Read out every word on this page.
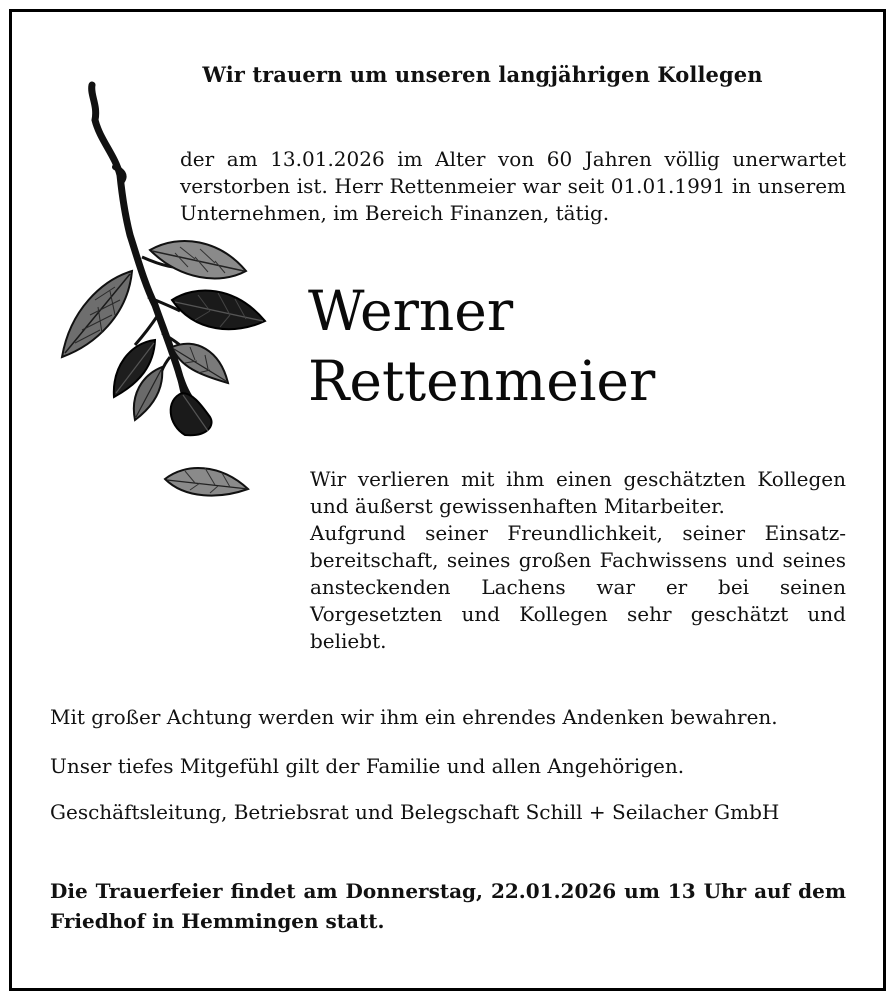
Wir trauern um unseren langjährigen Kollegen

der am 13.01.2026 im Alter von 60 Jahren völlig unerwartet verstorben ist. Herr Rettenmeier war seit 01.01.1991 in unserem Unternehmen, im Bereich Finanzen, tätig.

Werner
Rettenmeier
Wir verlieren mit ihm einen geschätzten Kollegen und äußerst gewissenhaften Mitarbeiter.
Aufgrund seiner Freundlichkeit, seiner Einsatzbereitschaft, seines großen Fachwissens und seines ansteckenden Lachens war er bei seinen Vorgesetzten und Kollegen sehr geschätzt und beliebt.

Mit großer Achtung werden wir ihm ein ehrendes Andenken bewahren.

Unser tiefes Mitgefühl gilt der Familie und allen Angehörigen.

Geschäftsleitung, Betriebsrat und Belegschaft Schill + Seilacher GmbH

Die Trauerfeier findet am Donnerstag, 22.01.2026 um 13 Uhr auf dem Friedhof in Hemmingen statt.
